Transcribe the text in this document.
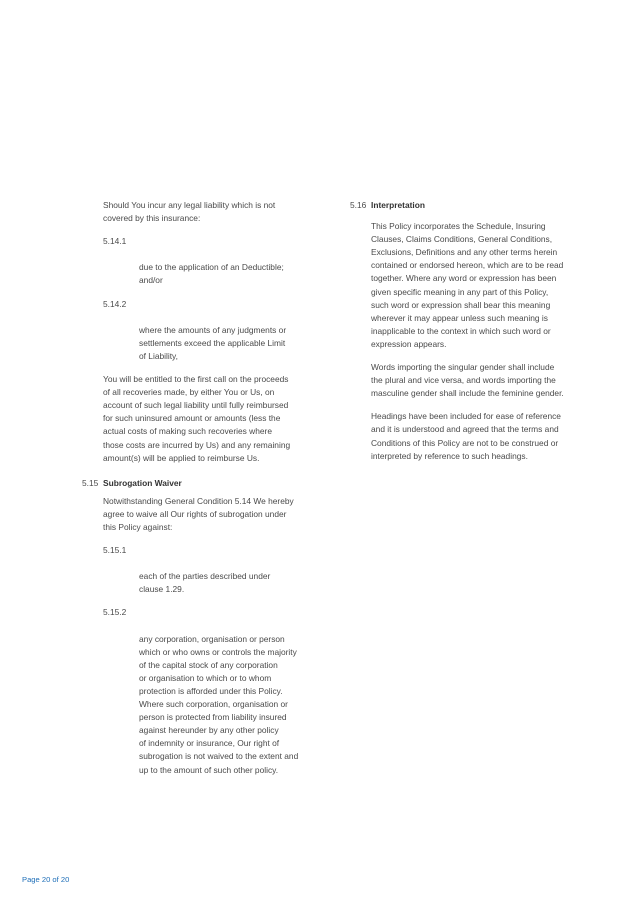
Should You incur any legal liability which is not
covered by this insurance:

5.14.1

due to the application of an Deductible;
and/or

5.14.2

where the amounts of any judgments or
settlements exceed the applicable Limit
of Liability,

You will be entitled to the first call on the proceeds
of all recoveries made, by either You or Us, on
account of such legal liability until fully reimbursed
for such uninsured amount or amounts (less the
actual costs of making such recoveries where
those costs are incurred by Us) and any remaining
amount(s) will be applied to reimburse Us.

5.15 Subrogation Waiver

Notwithstanding General Condition 5.14 We hereby
agree to waive all Our rights of subrogation under
this Policy against:

5.15.1

each of the parties described under
clause 1.29.

5.15.2

any corporation, organisation or person
which or who owns or controls the majority
of the capital stock of any corporation
or organisation to which or to whom
protection is afforded under this Policy.
Where such corporation, organisation or
person is protected from liability insured
against hereunder by any other policy
of indemnity or insurance, Our right of
subrogation is not waived to the extent and
up to the amount of such other policy.

5.16 Interpretation

This Policy incorporates the Schedule, Insuring
Clauses, Claims Conditions, General Conditions,
Exclusions, Definitions and any other terms herein
contained or endorsed hereon, which are to be read
together. Where any word or expression has been
given specific meaning in any part of this Policy,
such word or expression shall bear this meaning
wherever it may appear unless such meaning is
inapplicable to the context in which such word or
expression appears.

Words importing the singular gender shall include
the plural and vice versa, and words importing the
masculine gender shall include the feminine gender.

Headings have been included for ease of reference
and it is understood and agreed that the terms and
Conditions of this Policy are not to be construed or
interpreted by reference to such headings.

Page 20 of 20
